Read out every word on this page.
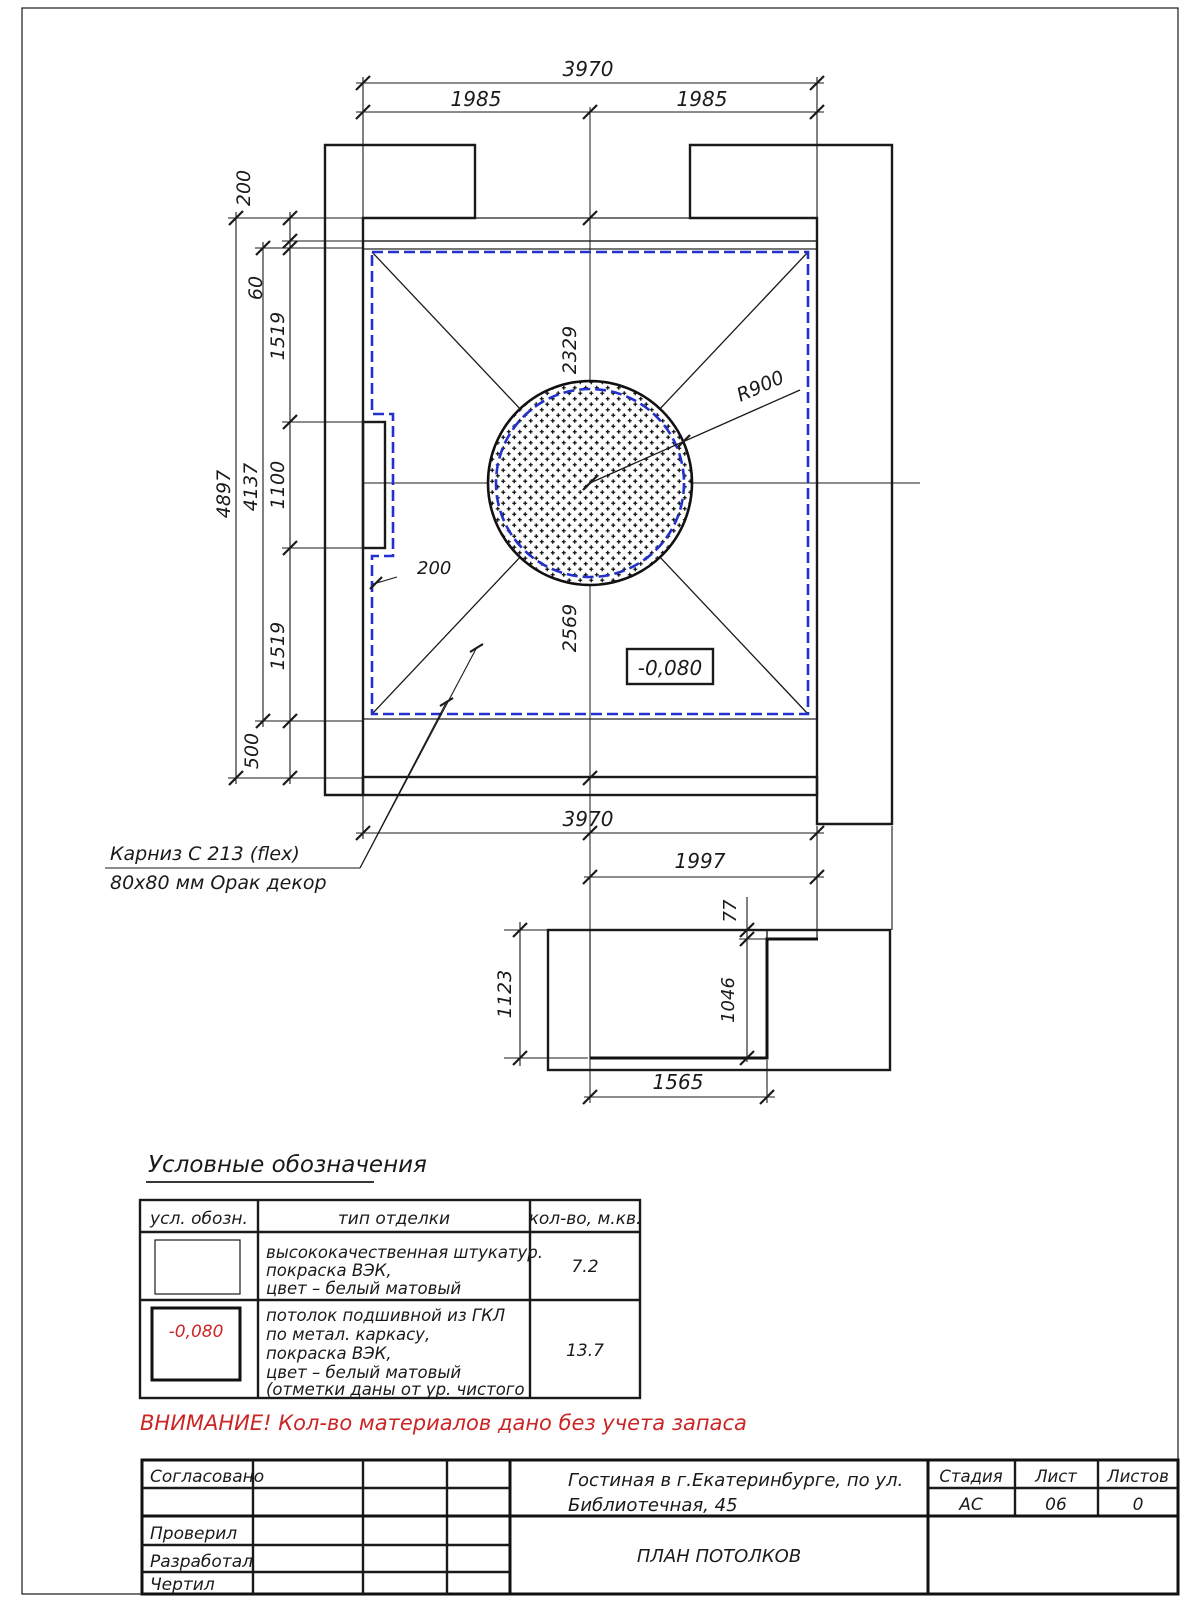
R900
-0,080
3970
1985	1985
200
60
1519
1100
1519
500
4137
4897
2329
2569
200
3970
Карниз С 213 (flex)
80х80 мм Орак декор
1997
1123
1565
77
1046
Условные обозначения
усл. обозн.	тип отделки	кол-во, м.кв.
высококачественная штукатур.
покраска ВЭК,
цвет – белый матовый
7.2
-0,080
потолок подшивной из ГКЛ
по метал. каркасу,
покраска ВЭК,
цвет – белый матовый
(отметки даны от ур. чистого
13.7
ВНИМАНИЕ! Кол-во материалов дано без учета запаса
Согласовано
Проверил
Разработал
Чертил
Гостиная в г.Екатеринбурге, по ул.
Библиотечная, 45
ПЛАН ПОТОЛКОВ
Стадия Лист Листов
АС	06	0
